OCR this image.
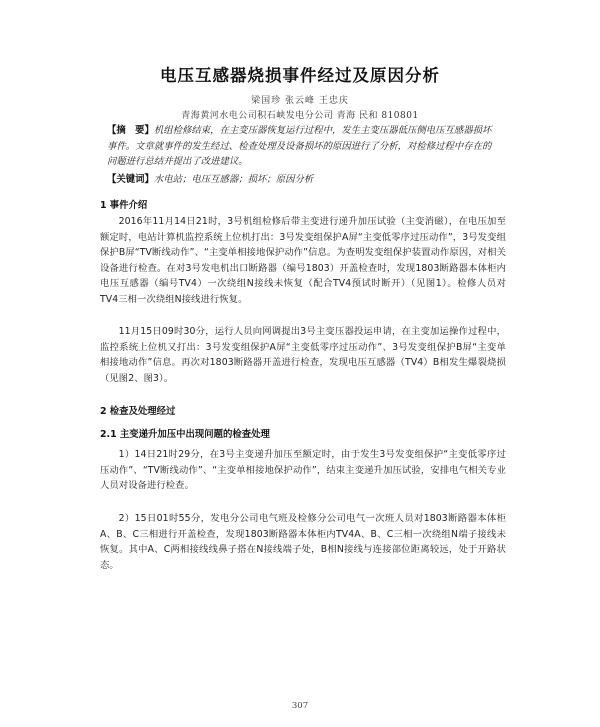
电压互感器烧损事件经过及原因分析
梁国珍 张云峰 王忠庆
青海黄河水电公司积石峡发电分公司 青海 民和 810801
【摘　要】机组检修结束，在主变压器恢复运行过程中，发生主变压器低压侧电压互感器损坏事件。文章就事件的发生经过、检查处理及设备损坏的原因进行了分析，对检修过程中存在的问题进行总结并提出了改进建议。
【关键词】水电站；电压互感器；损坏；原因分析
1 事件介绍
2016年11月14日21时，3号机组检修后带主变进行递升加压试验（主变消磁），在电压加至额定时，电站计算机监控系统上位机打出：3号发变组保护A屏“主变低零序过压动作”，3号发变组保护B屏“TV断线动作”、“主变单相接地保护动作”信息。为查明发变组保护装置动作原因，对相关设备进行检查。在对3号发电机出口断路器（编号1803）开盖检查时，发现1803断路器本体柜内电压互感器（编号TV4）一次绕组N接线未恢复（配合TV4预试时断开）（见图1）。检修人员对TV4三相一次绕组N接线进行恢复。
11月15日09时30分，运行人员向网调提出3号主变压器投运申请，在主变加运操作过程中，监控系统上位机又打出：3号发变组保护A屏“主变低零序过压动作”、3号发变组保护B屏“主变单相接地动作”信息。再次对1803断路器开盖进行检查，发现电压互感器（TV4）B相发生爆裂烧损（见图2、图3）。
2 检查及处理经过
2.1 主变递升加压中出现问题的检查处理
1）14日21时29分，在3号主变递升加压至额定时，由于发生3号发变组保护“主变低零序过压动作”、“TV断线动作”、“主变单相接地保护动作”，结束主变递升加压试验，安排电气相关专业人员对设备进行检查。
2）15日01时55分，发电分公司电气班及检修分公司电气一次班人员对1803断路器本体柜A、B、C三相进行开盖检查，发现1803断路器本体柜内TV4A、B、C三相一次绕组N端子接线未恢复。其中A、C两相接线线鼻子搭在N接线端子处，B相N接线与连接部位距离较远，处于开路状态。
307
